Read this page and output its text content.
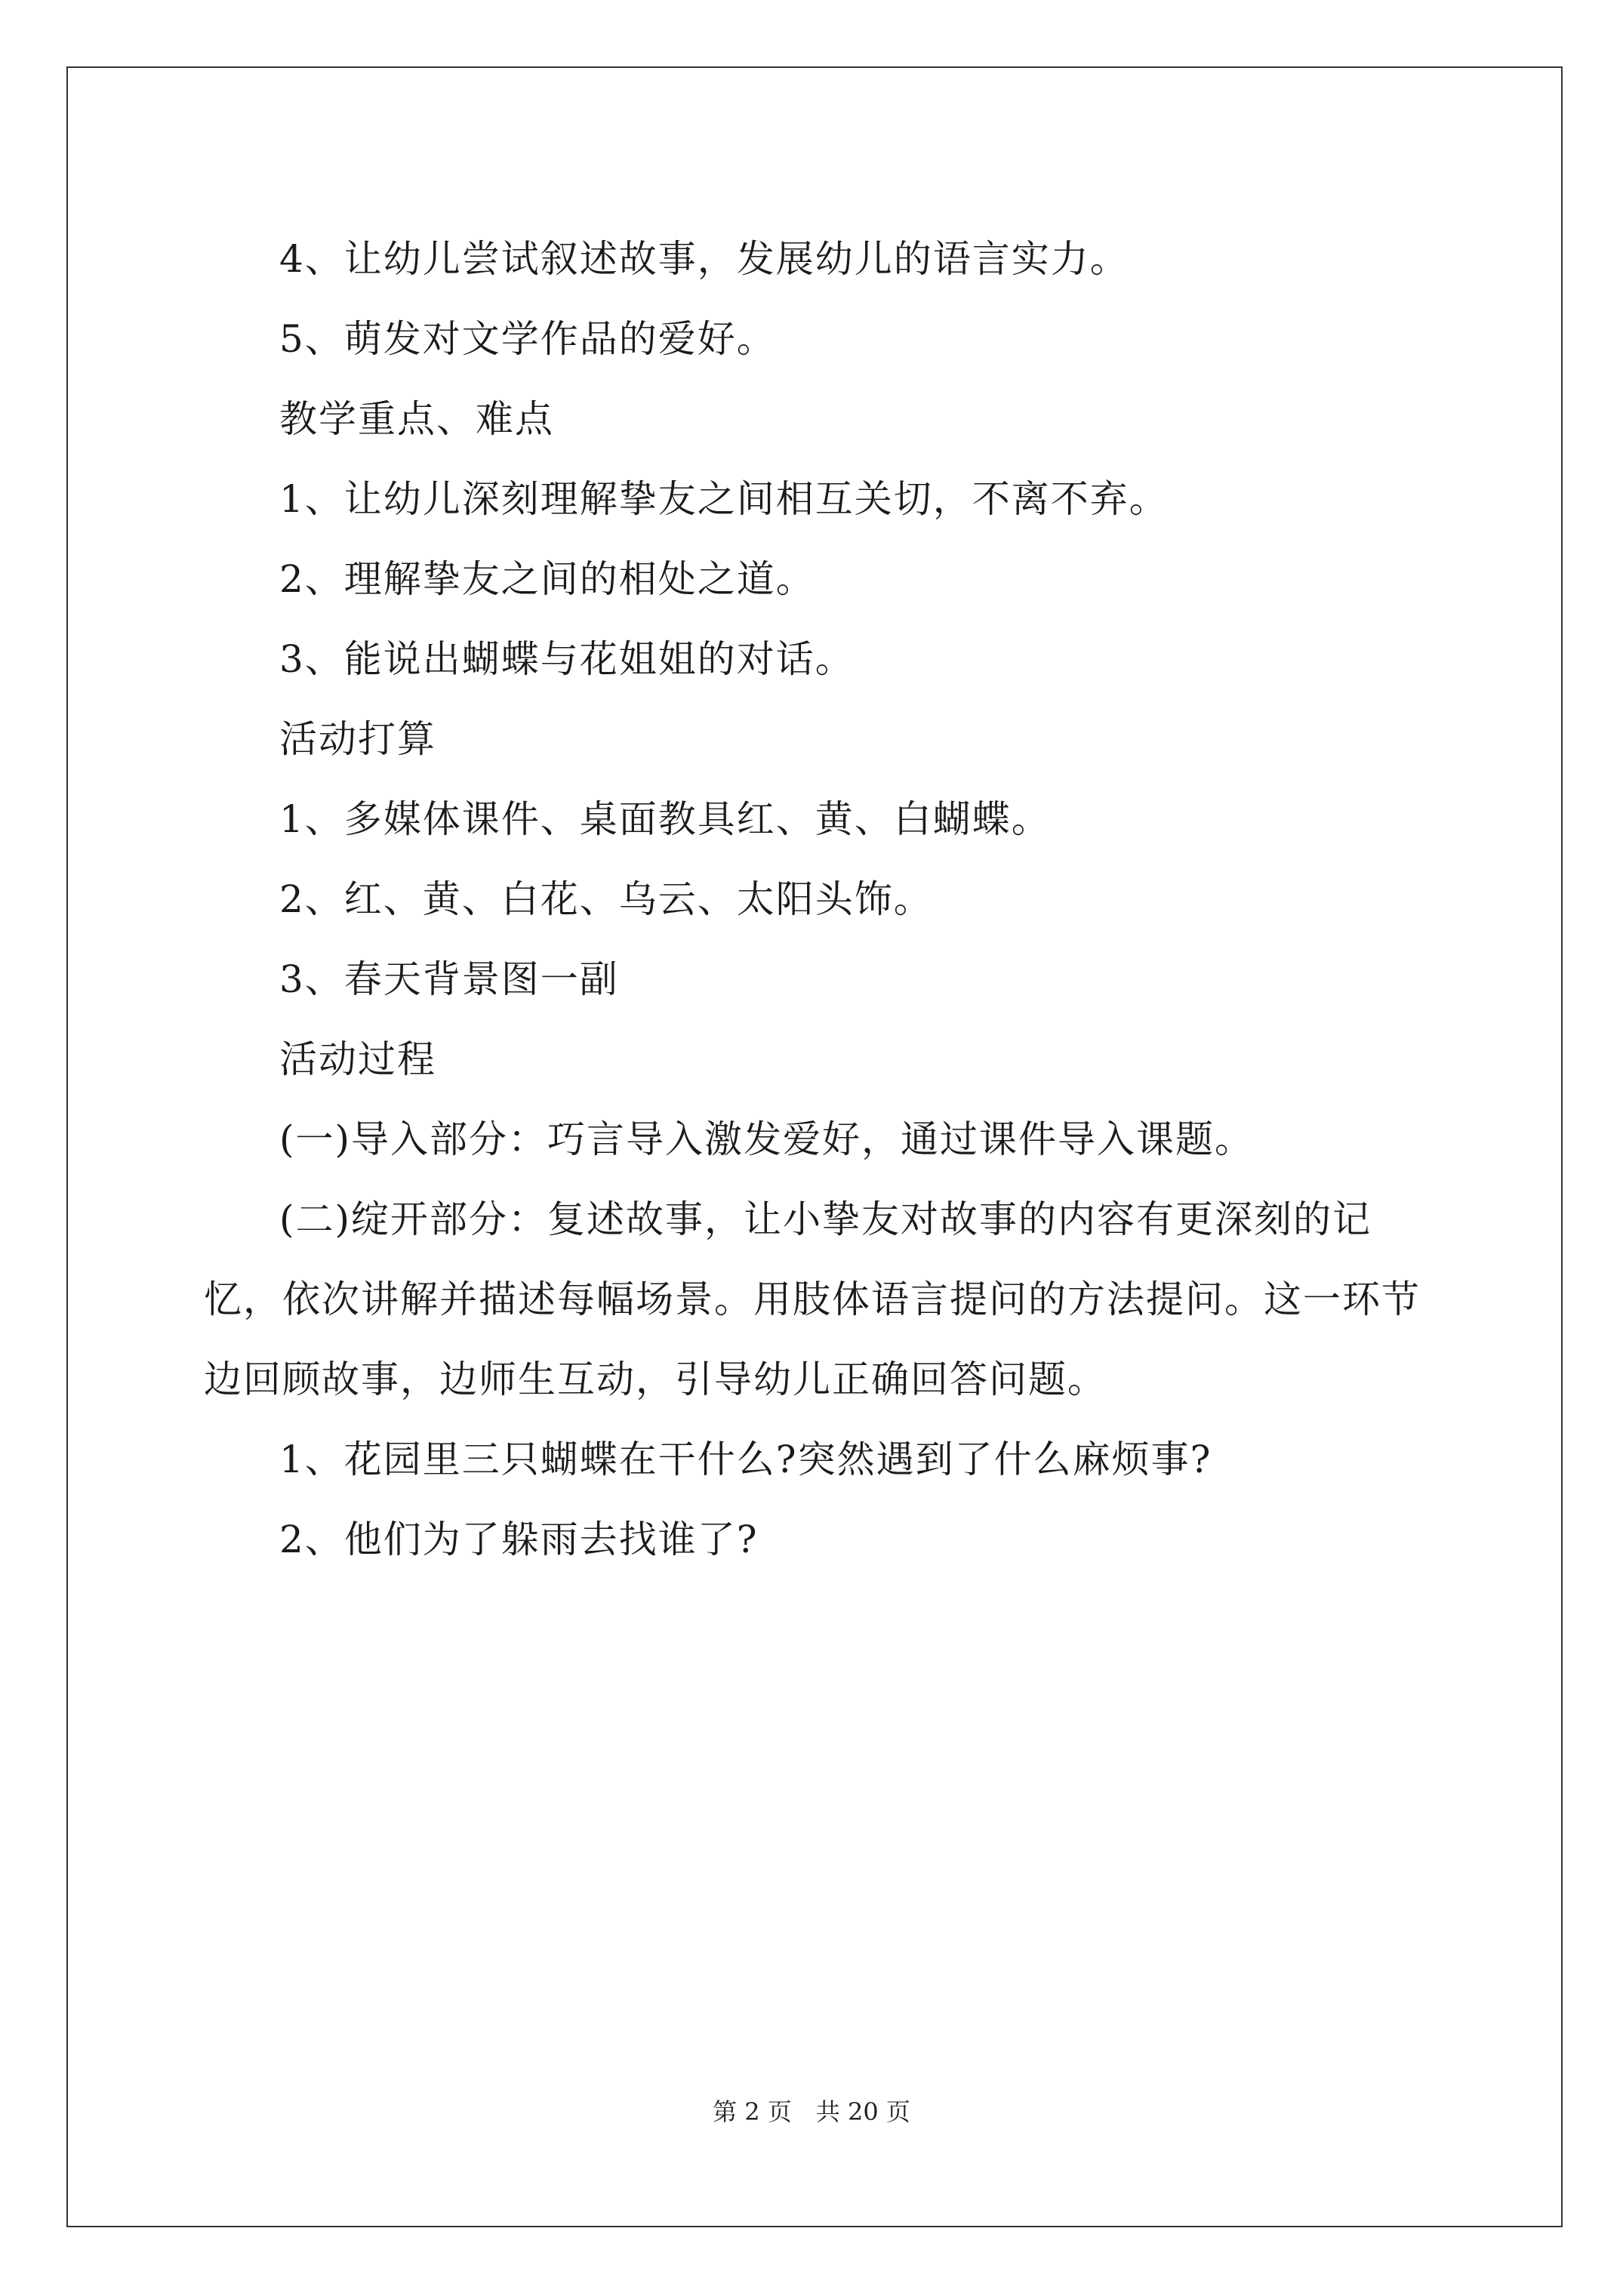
4、让幼儿尝试叙述故事，发展幼儿的语言实力。

5、萌发对文学作品的爱好。

教学重点、难点

1、让幼儿深刻理解挚友之间相互关切，不离不弃。

2、理解挚友之间的相处之道。

3、能说出蝴蝶与花姐姐的对话。

活动打算

1、多媒体课件、桌面教具红、黄、白蝴蝶。

2、红、黄、白花、乌云、太阳头饰。

3、春天背景图一副

活动过程

(一)导入部分：巧言导入激发爱好，通过课件导入课题。

(二)绽开部分：复述故事，让小挚友对故事的内容有更深刻的记忆，依次讲解并描述每幅场景。用肢体语言提问的方法提问。这一环节边回顾故事，边师生互动，引导幼儿正确回答问题。

1、花园里三只蝴蝶在干什么?突然遇到了什么麻烦事?

2、他们为了躲雨去找谁了?

第 2 页　共 20 页
